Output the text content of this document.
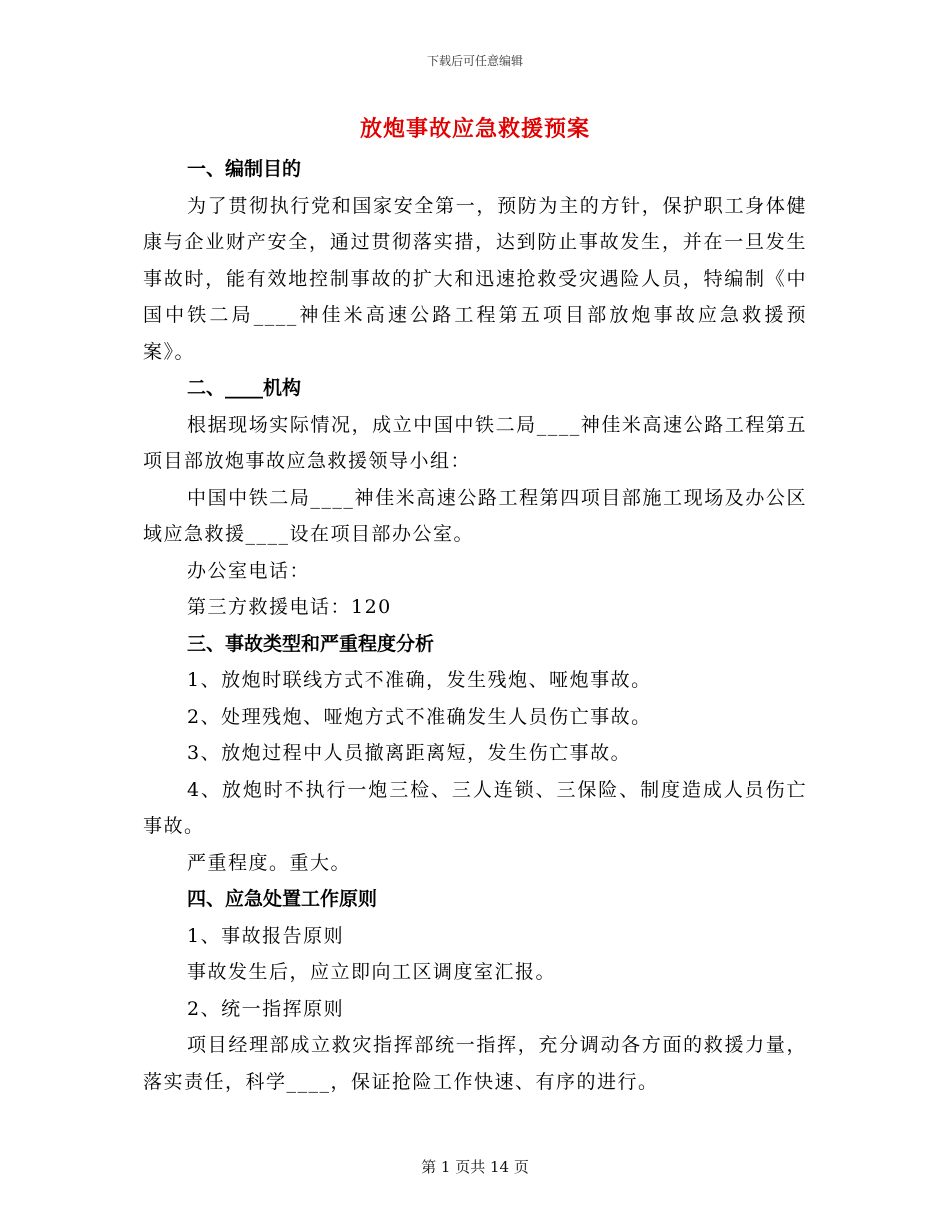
下载后可任意编辑
放炮事故应急救援预案

一、编制目的

为了贯彻执行党和国家安全第一，预防为主的方针，保护职工身体健康与企业财产安全，通过贯彻落实措，达到防止事故发生，并在一旦发生事故时，能有效地控制事故的扩大和迅速抢救受灾遇险人员，特编制《中国中铁二局____神佳米高速公路工程第五项目部放炮事故应急救援预案》。

二、____机构

根据现场实际情况，成立中国中铁二局____神佳米高速公路工程第五项目部放炮事故应急救援领导小组：

中国中铁二局____神佳米高速公路工程第四项目部施工现场及办公区域应急救援____设在项目部办公室。

办公室电话：

第三方救援电话：120

三、事故类型和严重程度分析

1、放炮时联线方式不准确，发生残炮、哑炮事故。

2、处理残炮、哑炮方式不准确发生人员伤亡事故。

3、放炮过程中人员撤离距离短，发生伤亡事故。

4、放炮时不执行一炮三检、三人连锁、三保险、制度造成人员伤亡事故。

严重程度。重大。

四、应急处置工作原则

1、事故报告原则

事故发生后，应立即向工区调度室汇报。

2、统一指挥原则

项目经理部成立救灾指挥部统一指挥，充分调动各方面的救援力量，落实责任，科学____，保证抢险工作快速、有序的进行。

第 1 页共 14 页
